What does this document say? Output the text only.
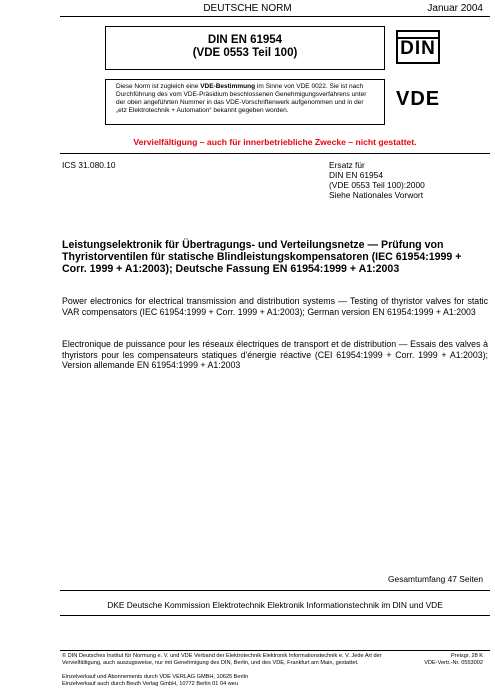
DEUTSCHE NORM	Januar 2004
DIN EN 61954
(VDE 0553 Teil 100)	DIN
Diese Norm ist zugleich eine VDE-Bestimmung im Sinne von VDE 0022. Sie ist nach Durchführung des vom VDE-Präsidium beschlossenen Genehmigungsverfahrens unter der oben angeführten Nummer in das VDE-Vorschriftenwerk aufgenommen und in der „etz Elektrotechnik + Automation“ bekannt gegeben worden.
VDE
Vervielfältigung – auch für innerbetriebliche Zwecke – nicht gestattet.
ICS 31.080.10	Ersatz für
DIN EN 61954
(VDE 0553 Teil 100):2000
Siehe Nationales Vorwort
Leistungselektronik für Übertragungs- und Verteilungsnetze — Prüfung von Thyristorventilen für statische Blindleistungskompensatoren (IEC 61954:1999 + Corr. 1999 + A1:2003); Deutsche Fassung EN 61954:1999 + A1:2003
Power electronics for electrical transmission and distribution systems — Testing of thyristor valves for static VAR compensators (IEC 61954:1999 + Corr. 1999 + A1:2003); German version EN 61954:1999 + A1:2003
Electronique de puissance pour les réseaux électriques de transport et de distribution — Essais des valves à thyristors pour les compensateurs statiques d'énergie réactive (CEI 61954:1999 + Corr. 1999 + A1:2003); Version allemande EN 61954:1999 + A1:2003
Gesamtumfang 47 Seiten
DKE Deutsche Kommission Elektrotechnik Elektronik Informationstechnik im DIN und VDE
© DIN Deutsches Institut für Normung e. V. und VDE Verband der Elektrotechnik Elektronik Informationstechnik e. V. Jede Art der Vervielfältigung, auch auszugsweise, nur mit Genehmigung des DIN, Berlin, und des VDE, Frankfurt am Main, gestattet.
Einzelverkauf und Abonnements durch VDE VERLAG GMBH, 10625 Berlin
Einzelverkauf auch durch Beuth Verlag GmbH, 10772 Berlin 01 04 weu
Preisgr. 28 K
VDE-Vertr.-Nr. 0553002
